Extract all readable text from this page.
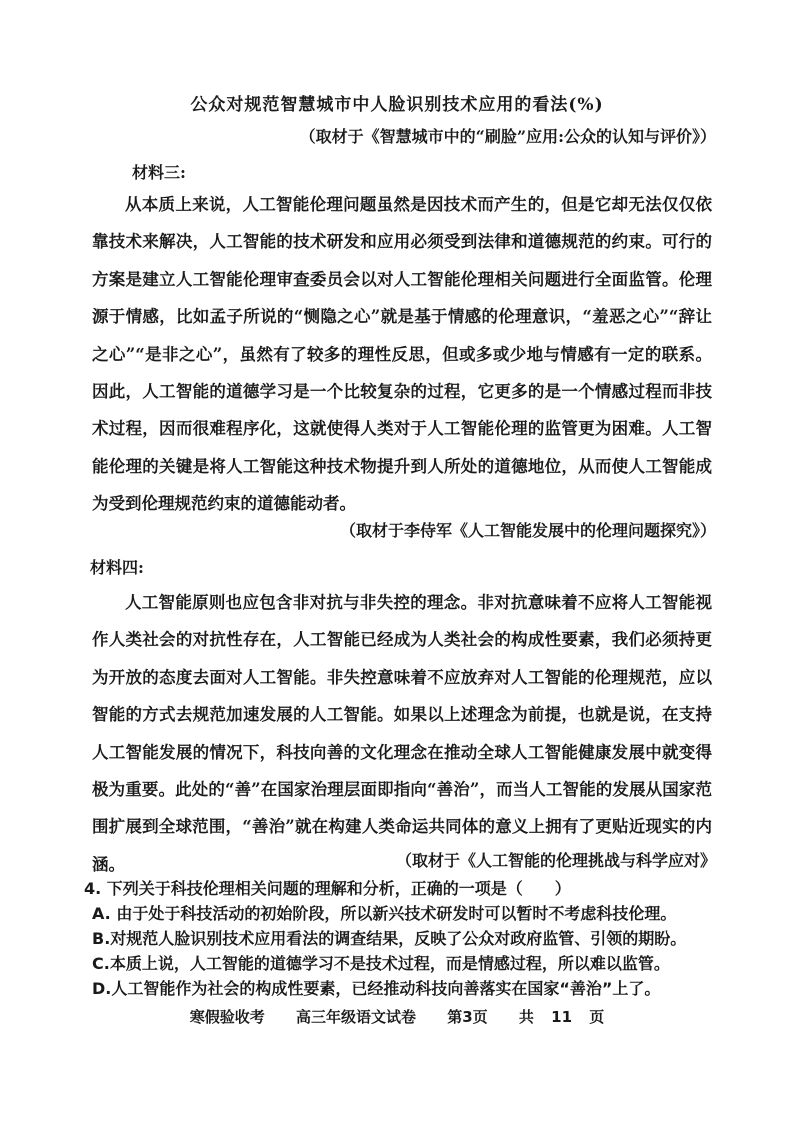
公众对规范智慧城市中人脸识别技术应用的看法(%)
（取材于《智慧城市中的“刷脸”应用:公众的认知与评价》）
材料三:

从本质上来说，人工智能伦理问题虽然是因技术而产生的，但是它却无法仅仅依靠技术来解决，人工智能的技术研发和应用必须受到法律和道德规范的约束。可行的方案是建立人工智能伦理审查委员会以对人工智能伦理相关问题进行全面监管。伦理源于情感，比如孟子所说的“恻隐之心”就是基于情感的伦理意识，“羞恶之心”“辞让之心”“是非之心”，虽然有了较多的理性反思，但或多或少地与情感有一定的联系。因此，人工智能的道德学习是一个比较复杂的过程，它更多的是一个情感过程而非技术过程，因而很难程序化，这就使得人类对于人工智能伦理的监管更为困难。人工智能伦理的关键是将人工智能这种技术物提升到人所处的道德地位，从而使人工智能成为受到伦理规范约束的道德能动者。

（取材于李侍军《人工智能发展中的伦理问题探究》）
材料四:

人工智能原则也应包含非对抗与非失控的理念。非对抗意味着不应将人工智能视作人类社会的对抗性存在，人工智能已经成为人类社会的构成性要素，我们必须持更为开放的态度去面对人工智能。非失控意味着不应放弃对人工智能的伦理规范，应以智能的方式去规范加速发展的人工智能。如果以上述理念为前提，也就是说，在支持人工智能发展的情况下，科技向善的文化理念在推动全球人工智能健康发展中就变得极为重要。此处的“善”在国家治理层面即指向“善治”，而当人工智能的发展从国家范围扩展到全球范围，“善治”就在构建人类命运共同体的意义上拥有了更贴近现实的内涵。	（取材于《人工智能的伦理挑战与科学应对》
4. 下列关于科技伦理相关问题的理解和分析，正确的一项是（　　）
A. 由于处于科技活动的初始阶段，所以新兴技术研发时可以暂时不考虑科技伦理。
B.对规范人脸识别技术应用看法的调查结果，反映了公众对政府监管、引领的期盼。
C.本质上说，人工智能的道德学习不是技术过程，而是情感过程，所以难以监管。
D.人工智能作为社会的构成性要素，已经推动科技向善落实在国家“善治”上了。
寒假验收考 高三年级语文试卷 第3页 共 11 页
